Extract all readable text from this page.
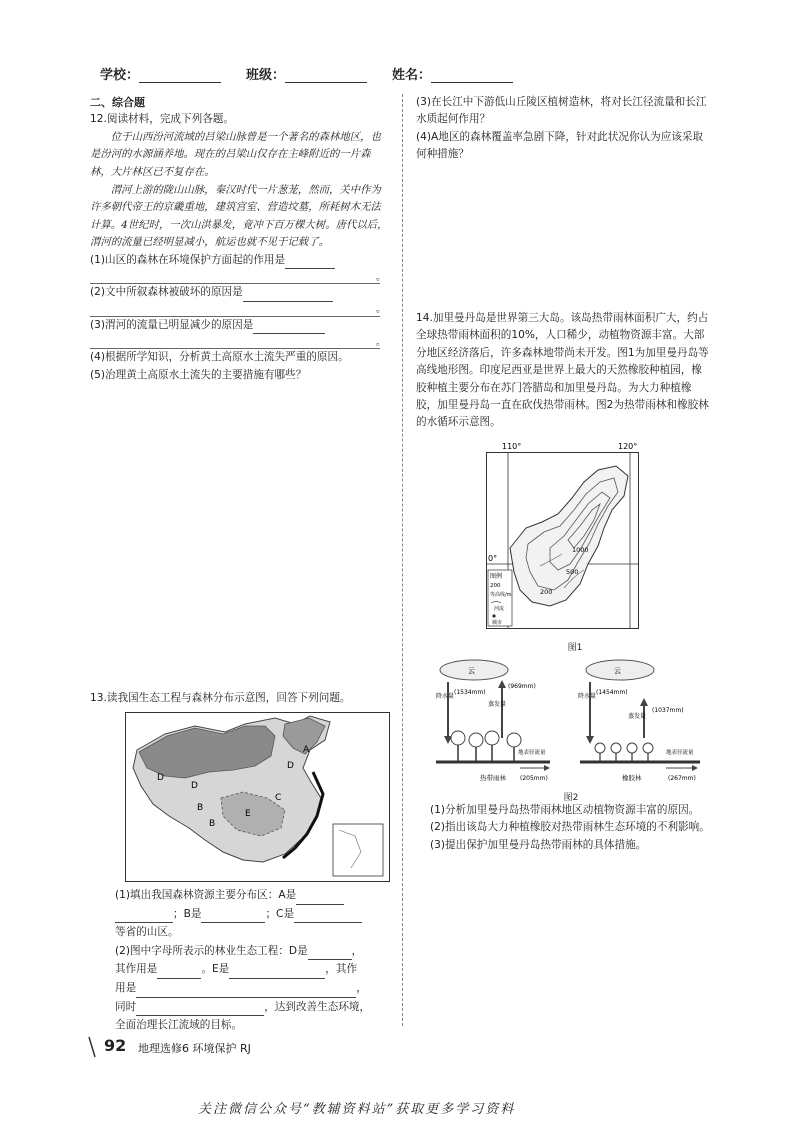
学校：	班级：	姓名：

二、综合题

12.阅读材料，完成下列各题。

位于山西汾河流域的吕梁山脉曾是一个著名的森林地区，也是汾河的水源涵养地。现在的吕梁山仅存在主峰附近的一片森林，大片林区已不复存在。

渭河上游的陇山山脉，秦汉时代一片葱茏，然而，关中作为许多朝代帝王的京畿重地，建筑宫室、营造坟墓，所耗树木无法计算。4世纪时，一次山洪暴发，竟冲下百万棵大树。唐代以后，渭河的流量已经明显减小，航运也就不见于记载了。

(1)山区的森林在环境保护方面起的作用是

。

(2)文中所叙森林被破坏的原因是

。

(3)渭河的流量已明显减少的原因是

。

(4)根据所学知识，分析黄土高原水土流失严重的原因。

(5)治理黄土高原水土流失的主要措施有哪些？

13.读我国生态工程与森林分布示意图，回答下列问题。

A
B
B
C
D
D
D
E

(1)填出我国森林资源主要分布区：A是

；B是	；C是

等省的山区。

(2)图中字母所表示的林业生态工程：D是	，

其作用是	。E是	，其作

用是	，

同时	，达到改善生态环境，

全面治理长江流域的目标。

(3)在长江中下游低山丘陵区植树造林，将对长江径流量和长江水质起何作用？

(4)A地区的森林覆盖率急剧下降，针对此状况你认为应该采取何种措施？

14.加里曼丹岛是世界第三大岛。该岛热带雨林面积广大，约占全球热带雨林面积的10%，人口稀少，动植物资源丰富。大部分地区经济落后，许多森林地带尚未开发。图1为加里曼丹岛等高线地形图。印度尼西亚是世界上最大的天然橡胶种植园，橡胶种植主要分布在苏门答腊岛和加里曼丹岛。为大力种植橡胶，加里曼丹岛一直在砍伐热带雨林。图2为热带雨林和橡胶林的水循环示意图。

110°	120°
0°
1000
500
200
图例
200
等高线/m
河流
城市
图1
云
降水量
(1534mm)
(969mm)
蒸发量
地表径流量
(205mm)
热带雨林
云
降水量
(1454mm)
(1037mm)
蒸发量
地表径流量
(267mm)
橡胶林
图2

(1)分析加里曼丹岛热带雨林地区动植物资源丰富的原因。

(2)指出该岛大力种植橡胶对热带雨林生态环境的不利影响。

(3)提出保护加里曼丹岛热带雨林的具体措施。

92 地理选修6 环境保护 RJ
关注微信公众号“教辅资料站”获取更多学习资料
